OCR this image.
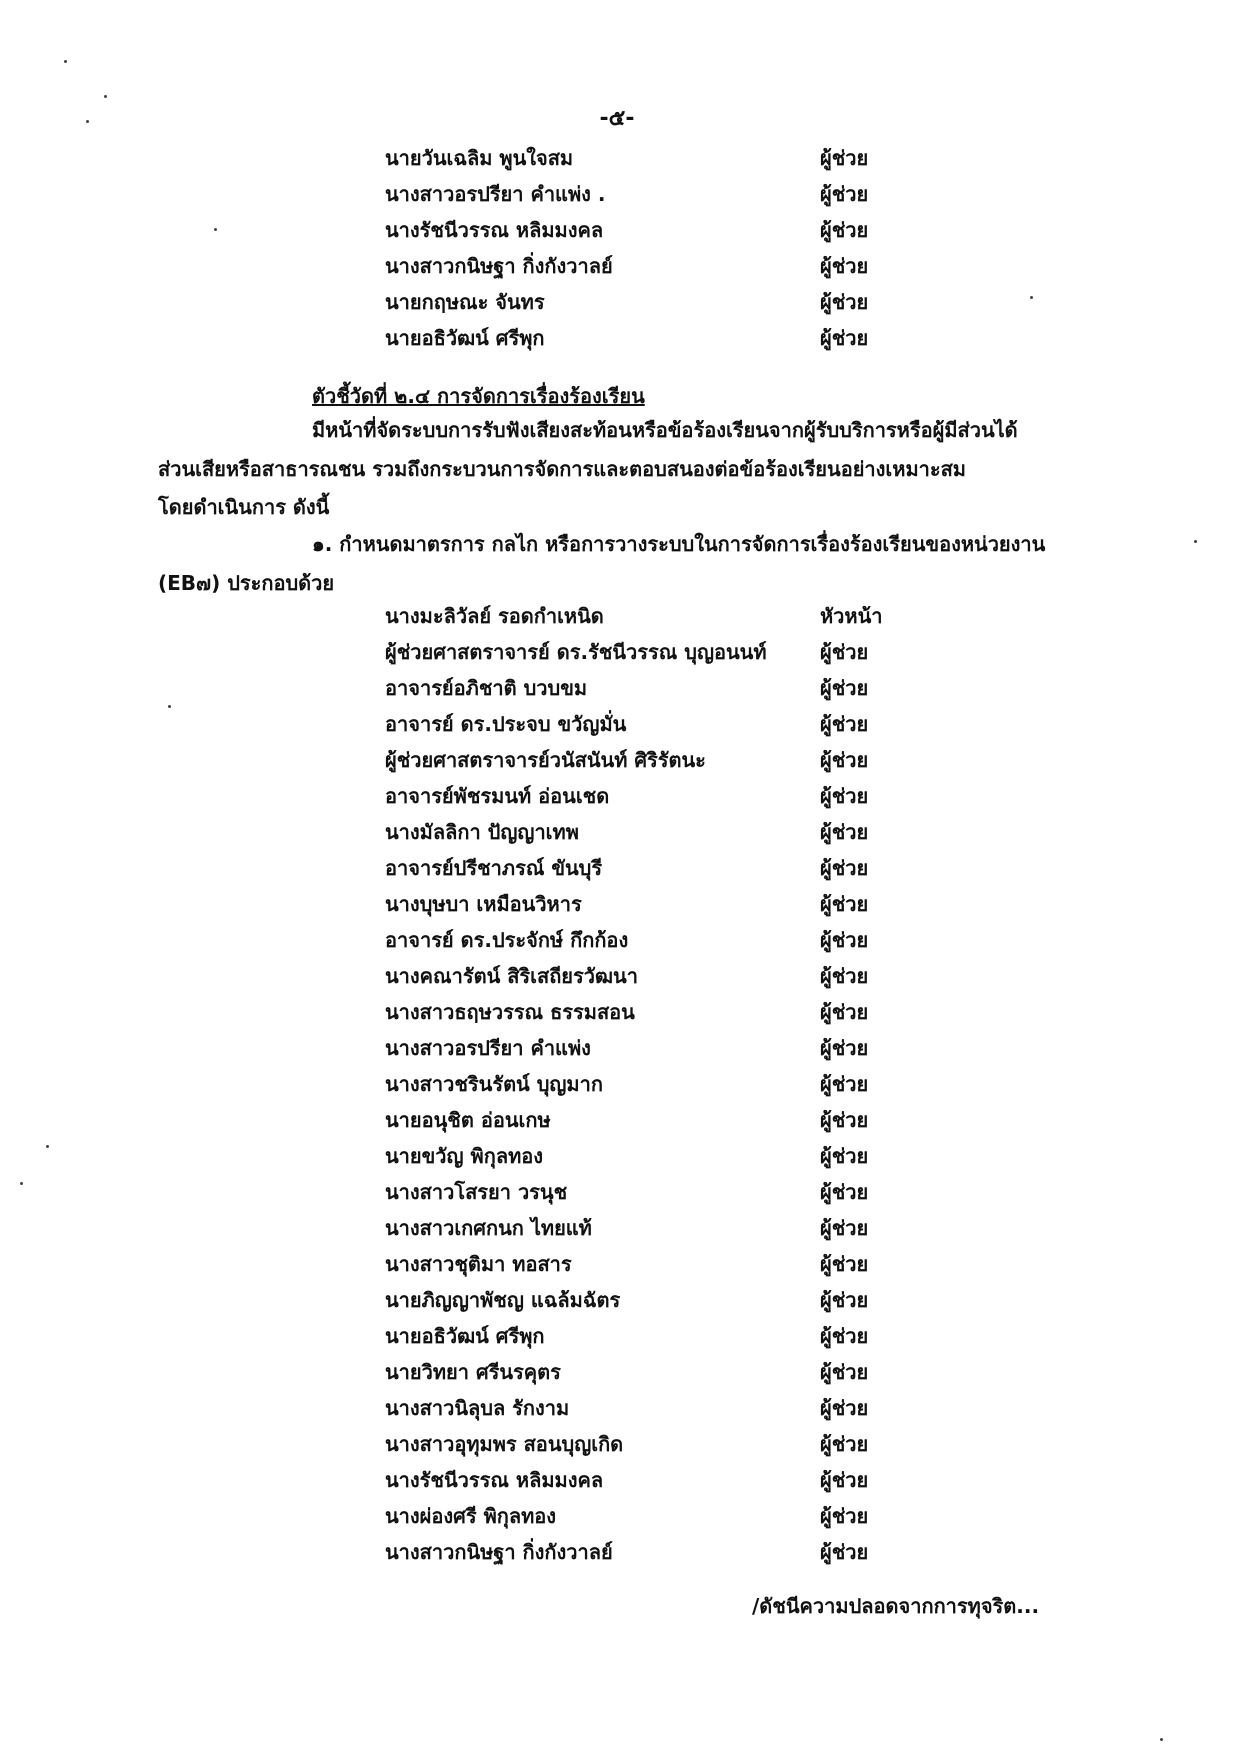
-๕-
นายวันเฉลิม พูนใจสม	ผู้ช่วย
นางสาวอรปรียา คำแพ่ง .	ผู้ช่วย
นางรัชนีวรรณ หลิมมงคล	ผู้ช่วย
นางสาวกนิษฐา กิ่งกังวาลย์	ผู้ช่วย
นายกฤษณะ จันทร	ผู้ช่วย
นายอธิวัฒน์ ศรีพุก	ผู้ช่วย
ตัวชี้วัดที่ ๒.๔ การจัดการเรื่องร้องเรียน
มีหน้าที่จัดระบบการรับฟังเสียงสะท้อนหรือข้อร้องเรียนจากผู้รับบริการหรือผู้มีส่วนได้
ส่วนเสียหรือสาธารณชน รวมถึงกระบวนการจัดการและตอบสนองต่อข้อร้องเรียนอย่างเหมาะสม
โดยดำเนินการ ดังนี้
๑. กำหนดมาตรการ กลไก หรือการวางระบบในการจัดการเรื่องร้องเรียนของหน่วยงาน
(EB๗) ประกอบด้วย
นางมะลิวัลย์ รอดกำเหนิด	หัวหน้า
ผู้ช่วยศาสตราจารย์ ดร.รัชนีวรรณ บุญอนนท์	ผู้ช่วย
อาจารย์อภิชาติ บวบขม	ผู้ช่วย
อาจารย์ ดร.ประจบ ขวัญมั่น	ผู้ช่วย
ผู้ช่วยศาสตราจารย์วนัสนันท์ ศิริรัตนะ	ผู้ช่วย
อาจารย์พัชรมนท์ อ่อนเชด	ผู้ช่วย
นางมัลลิกา ปัญญาเทพ	ผู้ช่วย
อาจารย์ปรีชาภรณ์ ขันบุรี	ผู้ช่วย
นางบุษบา เหมือนวิหาร	ผู้ช่วย
อาจารย์ ดร.ประจักษ์ กึกก้อง	ผู้ช่วย
นางคณารัตน์ สิริเสถียรวัฒนา	ผู้ช่วย
นางสาวธฤษวรรณ ธรรมสอน	ผู้ช่วย
นางสาวอรปรียา คำแพ่ง	ผู้ช่วย
นางสาวชรินรัตน์ บุญมาก	ผู้ช่วย
นายอนุชิต อ่อนเกษ	ผู้ช่วย
นายขวัญ พิกุลทอง	ผู้ช่วย
นางสาวโสรยา วรนุช	ผู้ช่วย
นางสาวเกศกนก ไทยแท้	ผู้ช่วย
นางสาวชุติมา ทอสาร	ผู้ช่วย
นายภิญญาพัชญ แฉล้มฉัตร	ผู้ช่วย
นายอธิวัฒน์ ศรีพุก	ผู้ช่วย
นายวิทยา ศรีนรคุตร	ผู้ช่วย
นางสาวนิลุบล รักงาม	ผู้ช่วย
นางสาวอุทุมพร สอนบุญเกิด	ผู้ช่วย
นางรัชนีวรรณ หลิมมงคล	ผู้ช่วย
นางผ่องศรี พิกุลทอง	ผู้ช่วย
นางสาวกนิษฐา กิ่งกังวาลย์	ผู้ช่วย
/ดัชนีความปลอดจากการทุจริต...
